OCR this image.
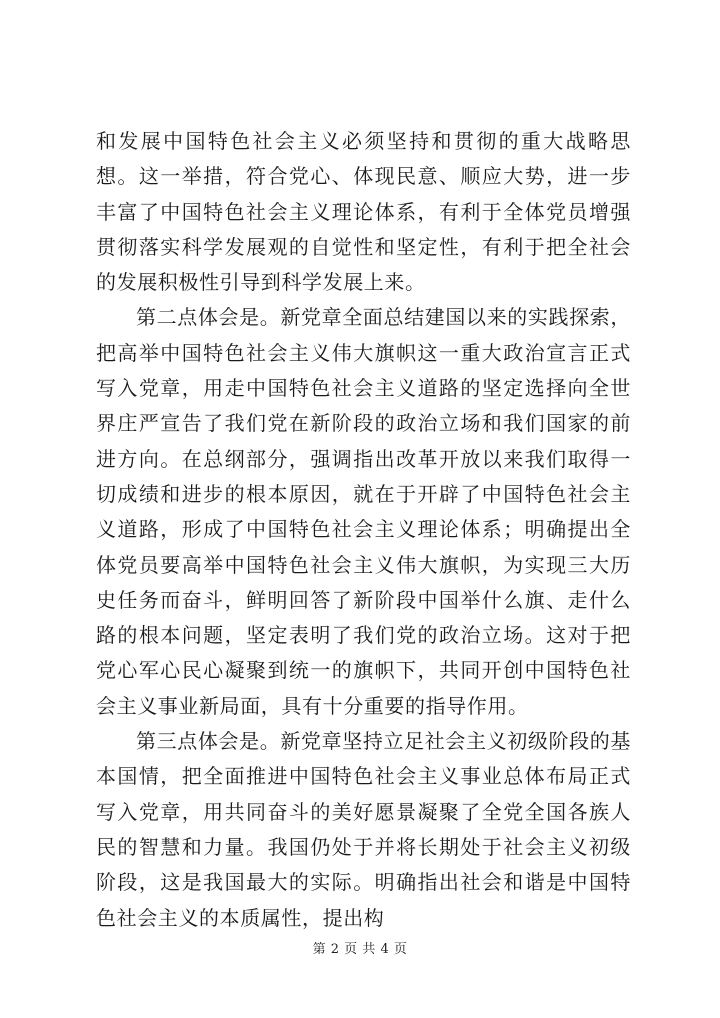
和发展中国特色社会主义必须坚持和贯彻的重大战略思想。这一举措，符合党心、体现民意、顺应大势，进一步丰富了中国特色社会主义理论体系，有利于全体党员增强贯彻落实科学发展观的自觉性和坚定性，有利于把全社会的发展积极性引导到科学发展上来。

第二点体会是。新党章全面总结建国以来的实践探索，把高举中国特色社会主义伟大旗帜这一重大政治宣言正式写入党章，用走中国特色社会主义道路的坚定选择向全世界庄严宣告了我们党在新阶段的政治立场和我们国家的前进方向。在总纲部分，强调指出改革开放以来我们取得一切成绩和进步的根本原因，就在于开辟了中国特色社会主义道路，形成了中国特色社会主义理论体系；明确提出全体党员要高举中国特色社会主义伟大旗帜，为实现三大历史任务而奋斗，鲜明回答了新阶段中国举什么旗、走什么路的根本问题，坚定表明了我们党的政治立场。这对于把党心军心民心凝聚到统一的旗帜下，共同开创中国特色社会主义事业新局面，具有十分重要的指导作用。

第三点体会是。新党章坚持立足社会主义初级阶段的基本国情，把全面推进中国特色社会主义事业总体布局正式写入党章，用共同奋斗的美好愿景凝聚了全党全国各族人民的智慧和力量。我国仍处于并将长期处于社会主义初级阶段，这是我国最大的实际。明确指出社会和谐是中国特色社会主义的本质属性，提出构

第 2 页 共 4 页
